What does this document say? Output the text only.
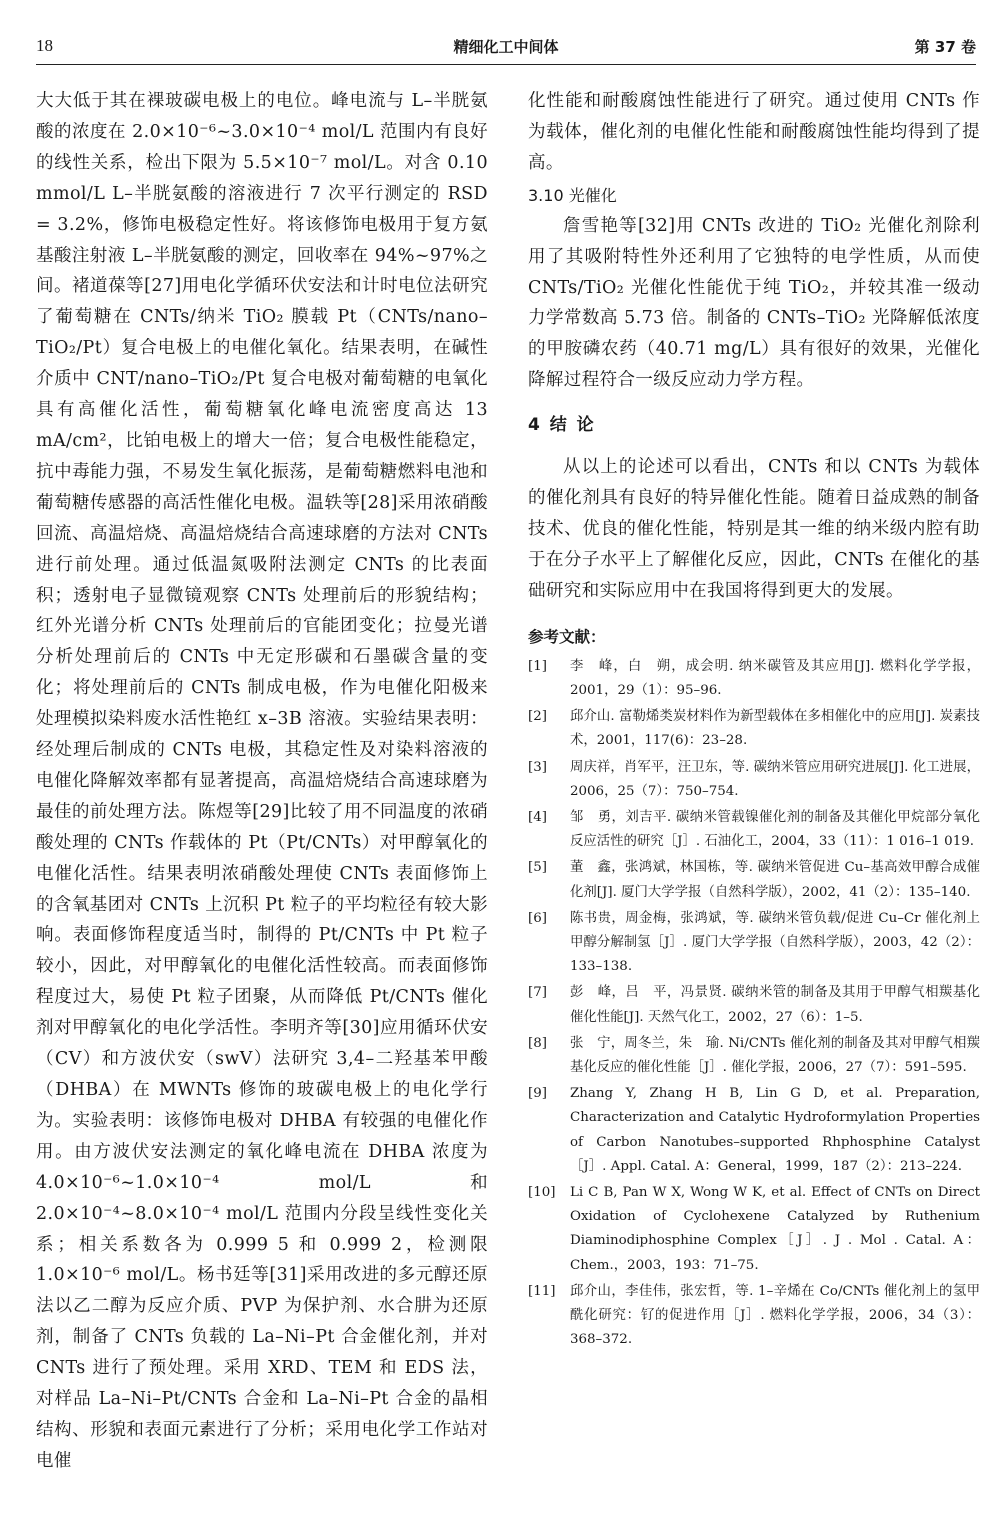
18	精细化工中间体	第 37 卷

大大低于其在裸玻碳电极上的电位。峰电流与 L–半胱氨酸的浓度在 2.0×10⁻⁶~3.0×10⁻⁴ mol/L 范围内有良好的线性关系，检出下限为 5.5×10⁻⁷ mol/L。对含 0.10 mmol/L L–半胱氨酸的溶液进行 7 次平行测定的 RSD = 3.2%，修饰电极稳定性好。将该修饰电极用于复方氨基酸注射液 L–半胱氨酸的测定，回收率在 94%~97%之间。褚道葆等[27]用电化学循环伏安法和计时电位法研究了葡萄糖在 CNTs/纳米 TiO₂ 膜载 Pt（CNTs/nano–TiO₂/Pt）复合电极上的电催化氧化。结果表明，在碱性介质中 CNT/nano–TiO₂/Pt 复合电极对葡萄糖的电氧化具有高催化活性，葡萄糖氧化峰电流密度高达 13 mA/cm²，比铂电极上的增大一倍；复合电极性能稳定，抗中毒能力强，不易发生氧化振荡，是葡萄糖燃料电池和葡萄糖传感器的高活性催化电极。温轶等[28]采用浓硝酸回流、高温焙烧、高温焙烧结合高速球磨的方法对 CNTs 进行前处理。通过低温氮吸附法测定 CNTs 的比表面积；透射电子显微镜观察 CNTs 处理前后的形貌结构；红外光谱分析 CNTs 处理前后的官能团变化；拉曼光谱分析处理前后的 CNTs 中无定形碳和石墨碳含量的变化；将处理前后的 CNTs 制成电极，作为电催化阳极来处理模拟染料废水活性艳红 x–3B 溶液。实验结果表明：经处理后制成的 CNTs 电极，其稳定性及对染料溶液的电催化降解效率都有显著提高，高温焙烧结合高速球磨为最佳的前处理方法。陈煜等[29]比较了用不同温度的浓硝酸处理的 CNTs 作载体的 Pt（Pt/CNTs）对甲醇氧化的电催化活性。结果表明浓硝酸处理使 CNTs 表面修饰上的含氧基团对 CNTs 上沉积 Pt 粒子的平均粒径有较大影响。表面修饰程度适当时，制得的 Pt/CNTs 中 Pt 粒子较小，因此，对甲醇氧化的电催化活性较高。而表面修饰程度过大，易使 Pt 粒子团聚，从而降低 Pt/CNTs 催化剂对甲醇氧化的电化学活性。李明齐等[30]应用循环伏安（CV）和方波伏安（swV）法研究 3,4–二羟基苯甲酸（DHBA）在 MWNTs 修饰的玻碳电极上的电化学行为。实验表明：该修饰电极对 DHBA 有较强的电催化作用。由方波伏安法测定的氧化峰电流在 DHBA 浓度为 4.0×10⁻⁶~1.0×10⁻⁴ mol/L 和 2.0×10⁻⁴~8.0×10⁻⁴ mol/L 范围内分段呈线性变化关系；相关系数各为 0.999 5 和 0.999 2，检测限 1.0×10⁻⁶ mol/L。杨书廷等[31]采用改进的多元醇还原法以乙二醇为反应介质、PVP 为保护剂、水合肼为还原剂，制备了 CNTs 负载的 La–Ni–Pt 合金催化剂，并对 CNTs 进行了预处理。采用 XRD、TEM 和 EDS 法，对样品 La–Ni–Pt/CNTs 合金和 La–Ni–Pt 合金的晶相结构、形貌和表面元素进行了分析；采用电化学工作站对电催

化性能和耐酸腐蚀性能进行了研究。通过使用 CNTs 作为载体，催化剂的电催化性能和耐酸腐蚀性能均得到了提高。

3.10 光催化

詹雪艳等[32]用 CNTs 改进的 TiO₂ 光催化剂除利用了其吸附特性外还利用了它独特的电学性质，从而使 CNTs/TiO₂ 光催化性能优于纯 TiO₂，并较其准一级动力学常数高 5.73 倍。制备的 CNTs–TiO₂ 光降解低浓度的甲胺磷农药（40.71 mg/L）具有很好的效果，光催化降解过程符合一级反应动力学方程。

4 结 论

从以上的论述可以看出，CNTs 和以 CNTs 为载体的催化剂具有良好的特异催化性能。随着日益成熟的制备技术、优良的催化性能，特别是其一维的纳米级内腔有助于在分子水平上了解催化反应，因此，CNTs 在催化的基础研究和实际应用中在我国将得到更大的发展。

参考文献：
[1]	李　峰，白　朔，成会明. 纳米碳管及其应用[J]. 燃料化学学报，2001，29（1）：95–96.
[2]	邱介山. 富勒烯类炭材料作为新型载体在多相催化中的应用[J]. 炭素技术，2001，117(6)：23–28.
[3]	周庆祥，肖军平，汪卫东，等. 碳纳米管应用研究进展[J]. 化工进展，2006，25（7）：750–754.
[4]	邹　勇，刘吉平. 碳纳米管载镍催化剂的制备及其催化甲烷部分氧化反应活性的研究［J］. 石油化工，2004，33（11）：1 016–1 019.
[5]	董　鑫，张鸿斌，林国栋，等. 碳纳米管促进 Cu–基高效甲醇合成催化剂[J]. 厦门大学学报（自然科学版），2002，41（2）：135–140.
[6]	陈书贵，周金梅，张鸿斌，等. 碳纳米管负载/促进 Cu–Cr 催化剂上甲醇分解制氢［J］. 厦门大学学报（自然科学版），2003，42（2）：133–138.
[7]	彭　峰，吕　平，冯景贤. 碳纳米管的制备及其用于甲醇气相羰基化催化性能[J]. 天然气化工，2002，27（6）：1–5.
[8]	张　宁，周冬兰，朱　瑜. Ni/CNTs 催化剂的制备及其对甲醇气相羰基化反应的催化性能［J］. 催化学报，2006，27（7）：591–595.
[9]	Zhang Y, Zhang H B, Lin G D, et al. Preparation, Characterization and Catalytic Hydroformylation Properties of Carbon Nanotubes–supported Rhphosphine Catalyst［J］. Appl. Catal. A：General，1999，187（2）：213–224.
[10]	Li C B, Pan W X, Wong W K, et al. Effect of CNTs on Direct Oxidation of Cyclohexene Catalyzed by Ruthenium Diaminodiphosphine Complex［J］. J . Mol . Catal. A：Chem.，2003，193：71–75.
[11]	邱介山，李佳伟，张宏哲，等. 1–辛烯在 Co/CNTs 催化剂上的氢甲酰化研究：钌的促进作用［J］. 燃料化学学报，2006，34（3）：368–372.
